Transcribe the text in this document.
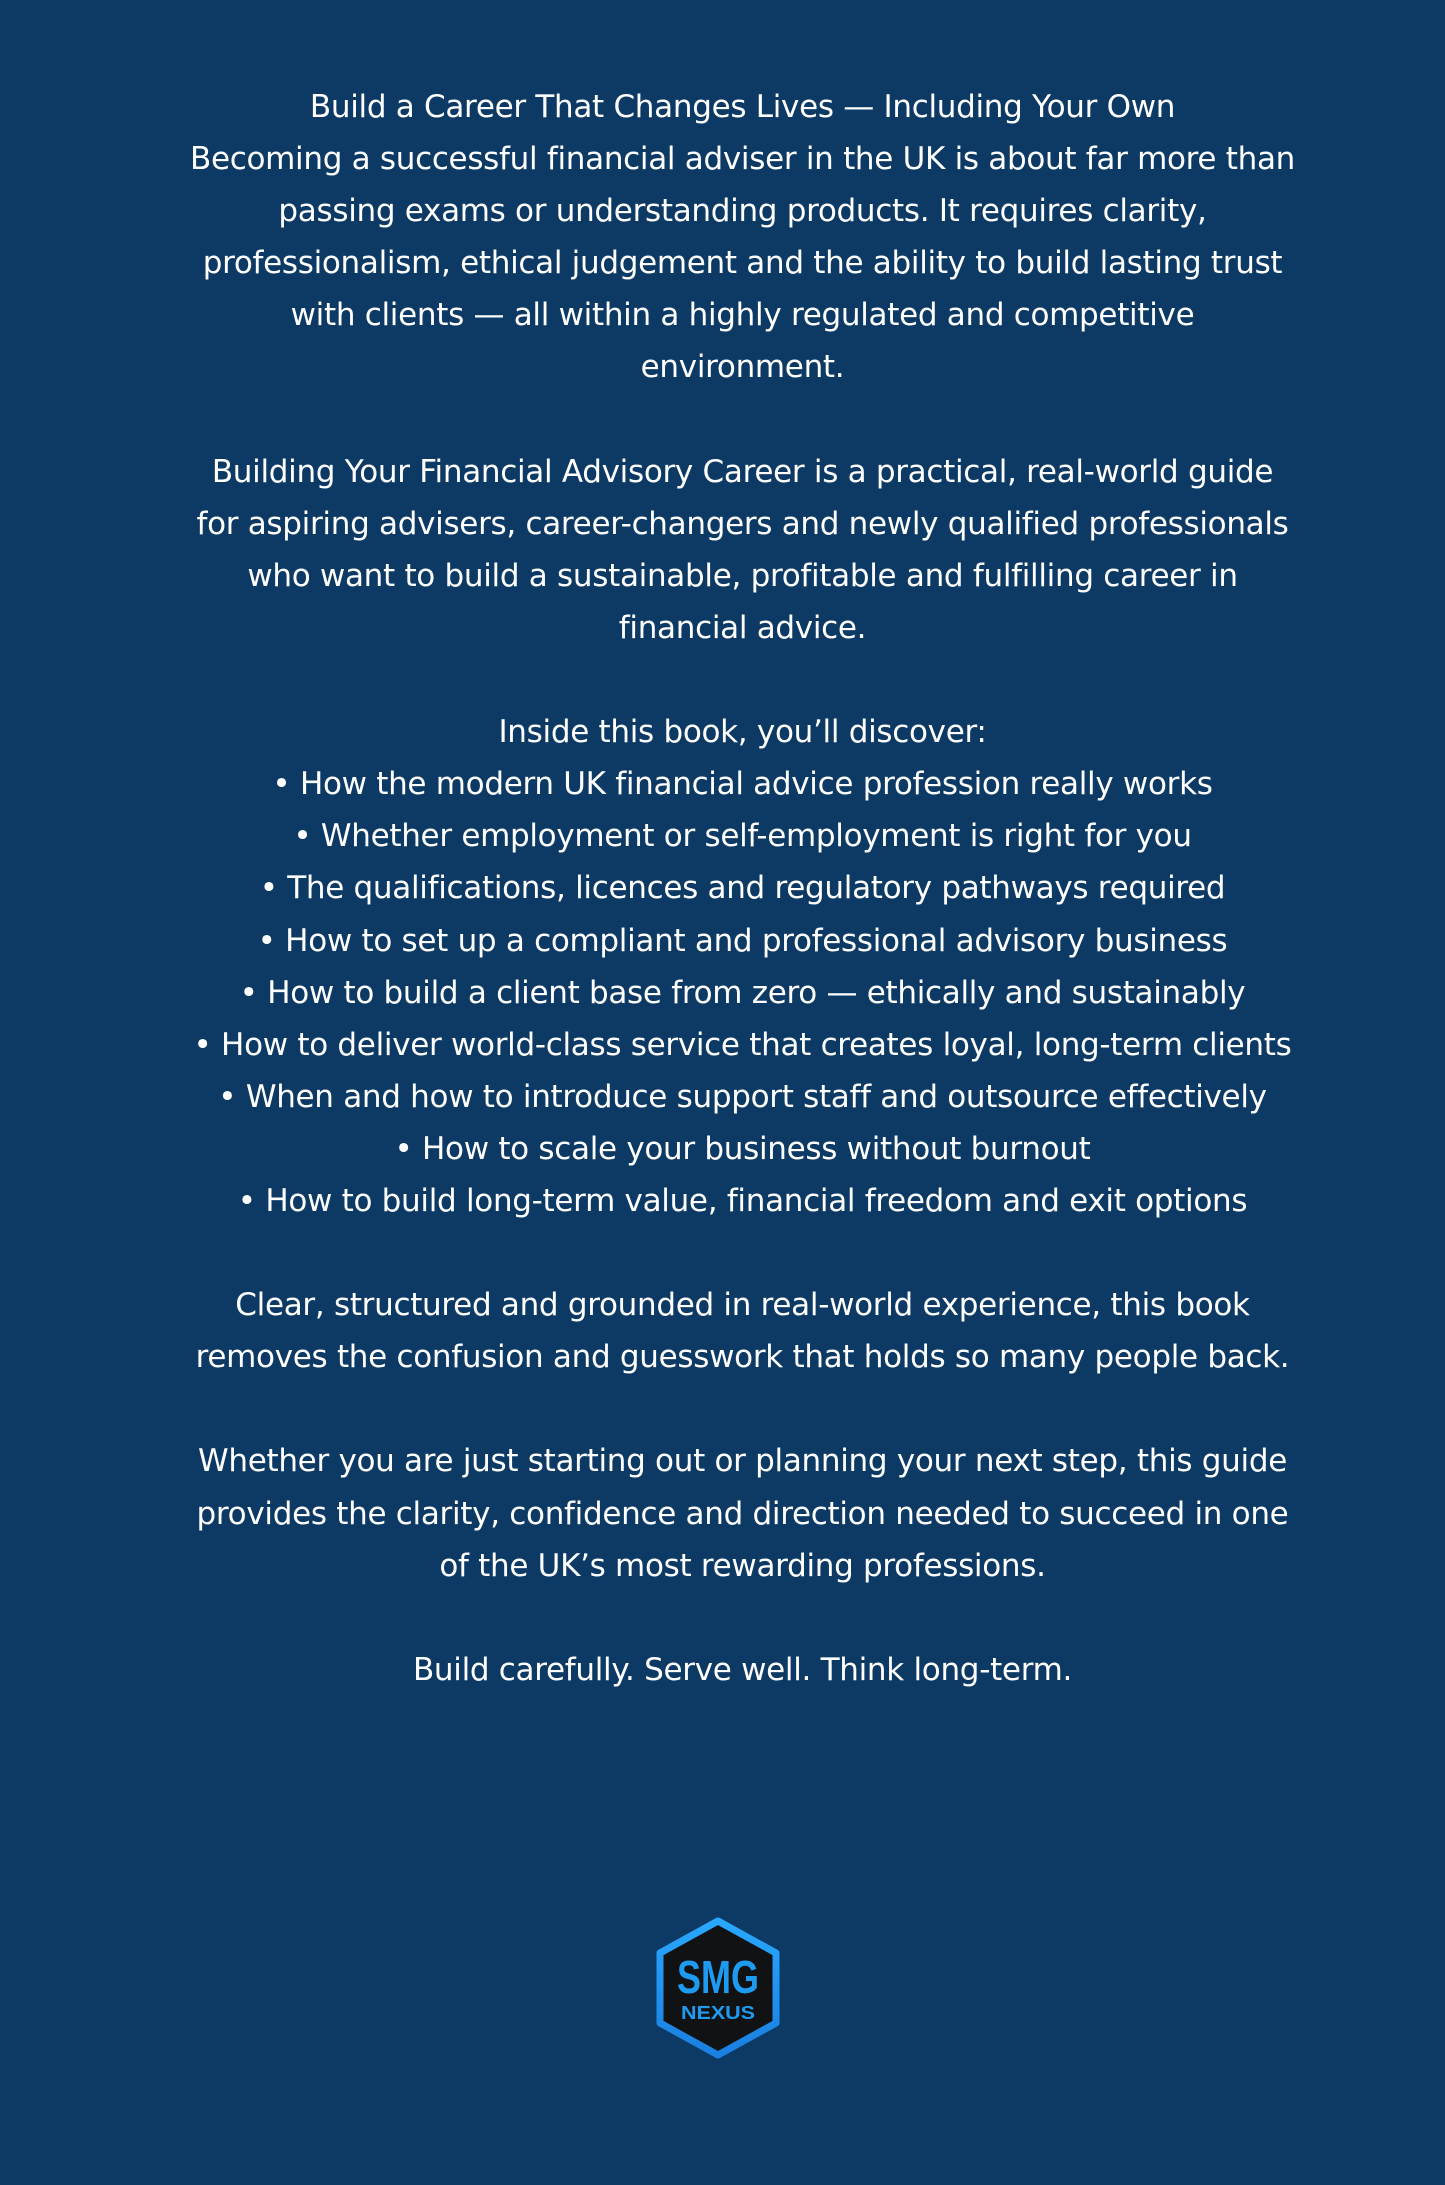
Build a Career That Changes Lives — Including Your Own
Becoming a successful financial adviser in the UK is about far more than
passing exams or understanding products. It requires clarity,
professionalism, ethical judgement and the ability to build lasting trust
with clients — all within a highly regulated and competitive
environment.
Building Your Financial Advisory Career is a practical, real-world guide
for aspiring advisers, career-changers and newly qualified professionals
who want to build a sustainable, profitable and fulfilling career in
financial advice.
Inside this book, you’ll discover:
• How the modern UK financial advice profession really works
• Whether employment or self-employment is right for you
• The qualifications, licences and regulatory pathways required
• How to set up a compliant and professional advisory business
• How to build a client base from zero — ethically and sustainably
• How to deliver world-class service that creates loyal, long-term clients
• When and how to introduce support staff and outsource effectively
• How to scale your business without burnout
• How to build long-term value, financial freedom and exit options
Clear, structured and grounded in real-world experience, this book
removes the confusion and guesswork that holds so many people back.
Whether you are just starting out or planning your next step, this guide
provides the clarity, confidence and direction needed to succeed in one
of the UK’s most rewarding professions.
Build carefully. Serve well. Think long-term.
SMG
NEXUS
